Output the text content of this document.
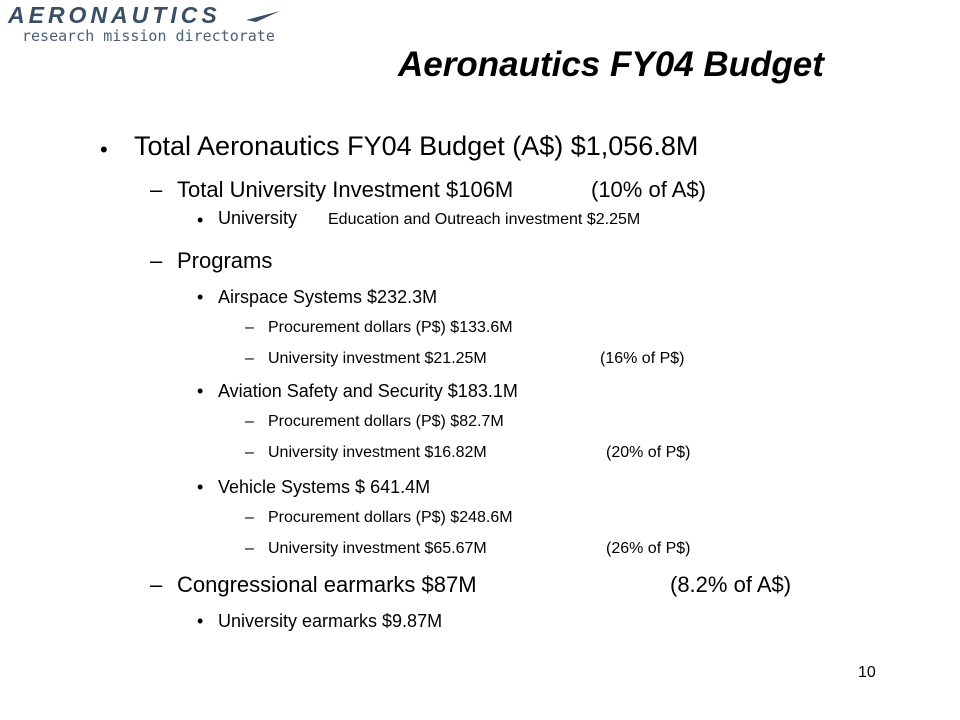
AERONAUTICS
research mission directorate
Aeronautics FY04 Budget
• Total Aeronautics FY04 Budget (A$) $1,056.8M
– Total University Investment $106M	(10% of A$)
• University Education and Outreach investment $2.25M
– Programs
• Airspace Systems $232.3M
– Procurement dollars (P$) $133.6M
– University investment $21.25M	(16% of P$)
• Aviation Safety and Security $183.1M
– Procurement dollars (P$) $82.7M
– University investment $16.82M	(20% of P$)
• Vehicle Systems $ 641.4M
– Procurement dollars (P$) $248.6M
– University investment $65.67M	(26% of P$)
– Congressional earmarks $87M	(8.2% of A$)
• University earmarks $9.87M
10
